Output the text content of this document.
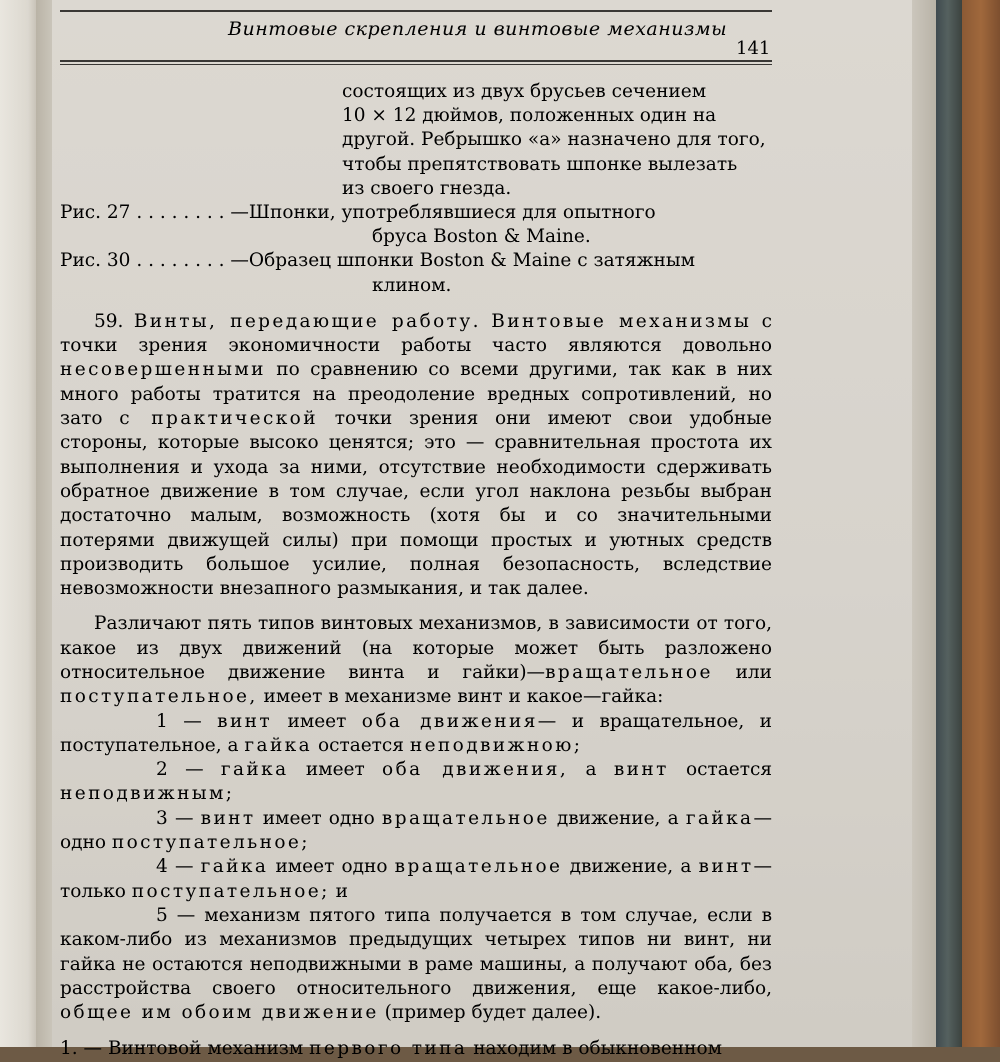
Винтовые скрепления и винтовые механизмы
141
состоящих из двух брусьев сечением
10 ⨯ 12 дюймов, положенных один на
другой. Ребрышко «а» назначено для того,
чтобы препятствовать шпонке вылезать
из своего гнезда.
Рис. 27 . . . . . . . . — Шпонки, употреблявшиеся для опытного
бруса Boston & Maine.
Рис. 30 . . . . . . . . — Образец шпонки Boston & Maine с затяжным
клином.

59. Винты, передающие работу. Винтовые механизмы с точки зрения экономичности работы часто являются довольно несовершенными по сравнению со всеми другими, так как в них много работы тратится на преодоление вредных сопротивлений, но зато с практической точки зрения они имеют свои удобные стороны, которые высоко ценятся; это — сравнительная простота их выполнения и ухода за ними, отсутствие необходимости сдерживать обратное движение в том случае, если угол наклона резьбы выбран достаточно малым, возможность (хотя бы и со значительными потерями движущей силы) при помощи простых и уютных средств производить большое усилие, полная безопасность, вследствие невозможности внезапного размыкания, и так далее.

Различают пять типов винтовых механизмов, в зависимости от того, какое из двух движений (на которые может быть разложено относительное движение винта и гайки)—вращательное или поступательное, имеет в механизме винт и какое—гайка:

1 — винт имеет оба движения— и вращательное, и поступательное, а гайка остается неподвижною;

2 — гайка имеет оба движения, а винт остается неподвижным;

3 — винт имеет одно вращательное движение, а гайка— одно поступательное;

4 — гайка имеет одно вращательное движение, а винт— только поступательное; и

5 — механизм пятого типа получается в том случае, если в каком-либо из механизмов предыдущих четырех типов ни винт, ни гайка не остаются неподвижными в раме машины, а получают оба, без расстройства своего относительного движения, еще какое-либо, общее им обоим движение (пример будет далее).

1. — Винтовой механизм первого типа находим в обыкновенном
